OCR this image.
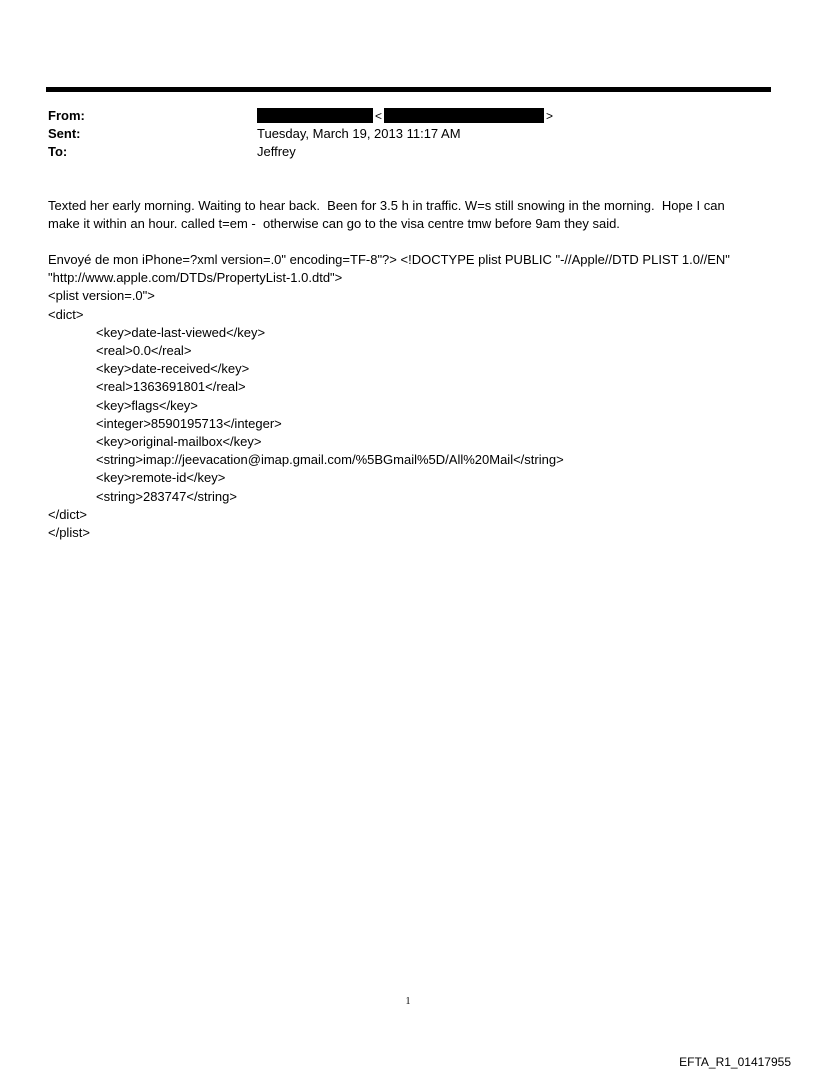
From:	<	>
Sent:	Tuesday, March 19, 2013 11:17 AM
To:	Jeffrey
Texted her early morning. Waiting to hear back.  Been for 3.5 h in traffic. W=s still snowing in the morning.  Hope I can
make it within an hour. called t=em -  otherwise can go to the visa centre tmw before 9am they said.
Envoyé de mon iPhone=?xml version=.0" encoding=TF-8"?> <!DOCTYPE plist PUBLIC "-//Apple//DTD PLIST 1.0//EN"
"http://www.apple.com/DTDs/PropertyList-1.0.dtd">
<plist version=.0">
<dict>
<key>date-last-viewed</key>
<real>0.0</real>
<key>date-received</key>
<real>1363691801</real>
<key>flags</key>
<integer>8590195713</integer>
<key>original-mailbox</key>
<string>imap://jeevacation@imap.gmail.com/%5BGmail%5D/All%20Mail</string>
<key>remote-id</key>
<string>283747</string>
</dict>
</plist>
1
EFTA_R1_01417955
